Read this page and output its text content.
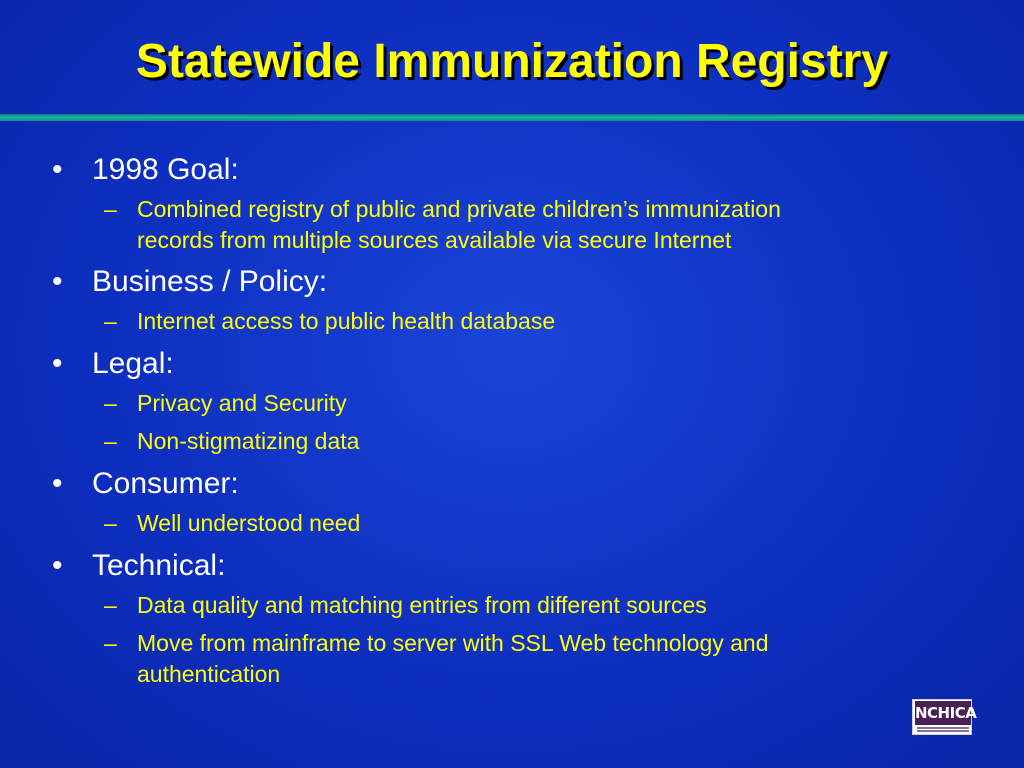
Statewide Immunization Registry
• 1998 Goal:
– Combined registry of public and private children’s immunization
records from multiple sources available via secure Internet
• Business / Policy:
– Internet access to public health database
• Legal:
– Privacy and Security
– Non-stigmatizing data
• Consumer:
– Well understood need
• Technical:
– Data quality and matching entries from different sources
– Move from mainframe to server with SSL Web technology and
authentication
NCHICA
